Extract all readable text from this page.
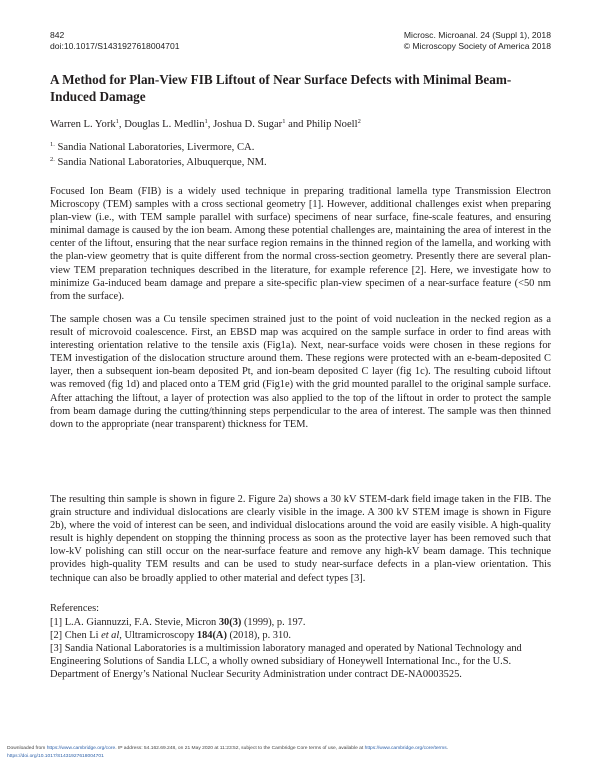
842
doi:10.1017/S1431927618004701
Microsc. Microanal. 24 (Suppl 1), 2018
© Microscopy Society of America 2018
A Method for Plan-View FIB Liftout of Near Surface Defects with Minimal Beam-Induced Damage
Warren L. York$^1$, Douglas L. Medlin$^1$, Joshua D. Sugar$^1$ and Philip Noell$^2$
$^{1.}$ Sandia National Laboratories, Livermore, CA.
$^{2.}$ Sandia National Laboratories, Albuquerque, NM.

Focused Ion Beam (FIB) is a widely used technique in preparing traditional lamella type Transmission Electron Microscopy (TEM) samples with a cross sectional geometry [1]. However, additional challenges exist when preparing plan-view (i.e., with TEM sample parallel with surface) specimens of near surface, fine-scale features, and ensuring minimal damage is caused by the ion beam. Among these potential challenges are, maintaining the area of interest in the center of the liftout, ensuring that the near surface region remains in the thinned region of the lamella, and working with the plan-view geometry that is quite different from the normal cross-section geometry. Presently there are several plan-view TEM preparation techniques described in the literature, for example reference [2]. Here, we investigate how to minimize Ga-induced beam damage and prepare a site-specific plan-view specimen of a near-surface feature (<50 nm from the surface).

The sample chosen was a Cu tensile specimen strained just to the point of void nucleation in the necked region as a result of microvoid coalescence. First, an EBSD map was acquired on the sample surface in order to find areas with interesting orientation relative to the tensile axis (Fig1a). Next, near-surface voids were chosen in these regions for TEM investigation of the dislocation structure around them. These regions were protected with an e-beam-deposited C layer, then a subsequent ion-beam deposited Pt, and ion-beam deposited C layer (fig 1c). The resulting cuboid liftout was removed (fig 1d) and placed onto a TEM grid (Fig1e) with the grid mounted parallel to the original sample surface. After attaching the liftout, a layer of protection was also applied to the top of the liftout in order to protect the sample from beam damage during the cutting/thinning steps perpendicular to the area of interest. The sample was then thinned down to the appropriate (near transparent) thickness for TEM.

The resulting thin sample is shown in figure 2. Figure 2a) shows a 30 kV STEM-dark field image taken in the FIB. The grain structure and individual dislocations are clearly visible in the image. A 300 kV STEM image is shown in Figure 2b), where the void of interest can be seen, and individual dislocations around the void are easily visible. A high-quality result is highly dependent on stopping the thinning process as soon as the protective layer has been removed such that low-kV polishing can still occur on the near-surface feature and remove any high-kV beam damage. This technique provides high-quality TEM results and can be used to study near-surface defects in a plan-view orientation. This technique can also be broadly applied to other material and defect types [3].

References:
[1] L.A. Giannuzzi, F.A. Stevie, Micron 30(3) (1999), p. 197.
[2] Chen Li et al, Ultramicroscopy 184(A) (2018), p. 310.
[3] Sandia National Laboratories is a multimission laboratory managed and operated by National Technology and Engineering Solutions of Sandia LLC, a wholly owned subsidiary of Honeywell International Inc., for the U.S. Department of Energy’s National Nuclear Security Administration under contract DE-NA0003525.
Downloaded from https://www.cambridge.org/core. IP address: 54.162.69.248, on 21 May 2020 at 11:23:52, subject to the Cambridge Core terms of use, available at https://www.cambridge.org/core/terms.
https://doi.org/10.1017/S1431927618004701
